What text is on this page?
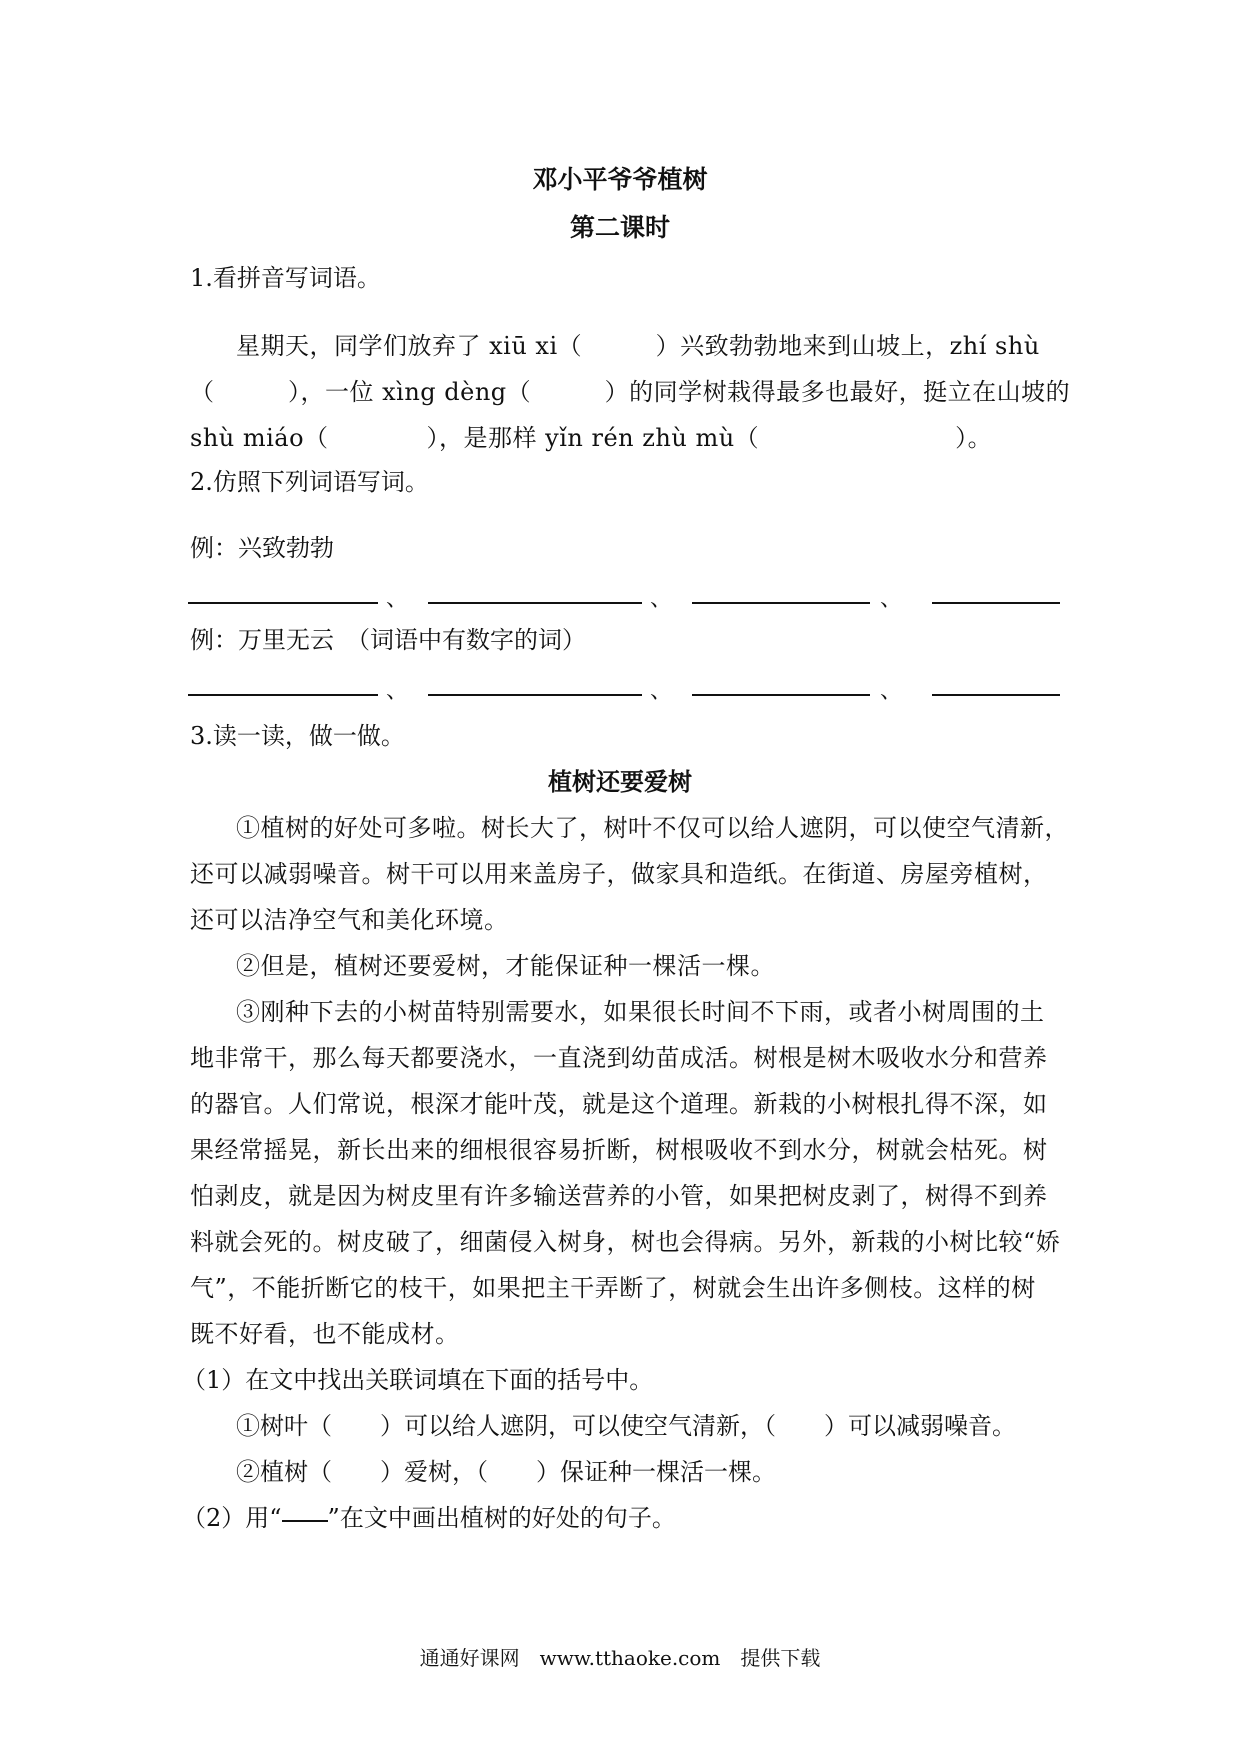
邓小平爷爷植树
第二课时
1.看拼音写词语。
星期天，同学们放弃了 xiū xi（　　　）兴致勃勃地来到山坡上，zhí shù
（　　　），一位 xìng dèng（　　　）的同学树栽得最多也最好，挺立在山坡的
shù miáo（　　　　），是那样 yǐn rén zhù mù（　　　　　　　　）。
2.仿照下列词语写词。
例：兴致勃勃
、	、	、
例：万里无云　（词语中有数字的词）
、	、	、
3.读一读，做一做。
植树还要爱树
①植树的好处可多啦。树长大了，树叶不仅可以给人遮阴，可以使空气清新，
还可以减弱噪音。树干可以用来盖房子，做家具和造纸。在街道、房屋旁植树，
还可以洁净空气和美化环境。
②但是，植树还要爱树，才能保证种一棵活一棵。
③刚种下去的小树苗特别需要水，如果很长时间不下雨，或者小树周围的土
地非常干，那么每天都要浇水，一直浇到幼苗成活。树根是树木吸收水分和营养
的器官。人们常说，根深才能叶茂，就是这个道理。新栽的小树根扎得不深，如
果经常摇晃，新长出来的细根很容易折断，树根吸收不到水分，树就会枯死。树
怕剥皮，就是因为树皮里有许多输送营养的小管，如果把树皮剥了，树得不到养
料就会死的。树皮破了，细菌侵入树身，树也会得病。另外，新栽的小树比较“娇
气”，不能折断它的枝干，如果把主干弄断了，树就会生出许多侧枝。这样的树
既不好看，也不能成材。
（1）在文中找出关联词填在下面的括号中。
①树叶（　　）可以给人遮阴，可以使空气清新，（　　）可以减弱噪音。
②植树（　　）爱树，（　　）保证种一棵活一棵。
（2）用“ ”在文中画出植树的好处的句子。
通通好课网　www.tthaoke.com　提供下载
